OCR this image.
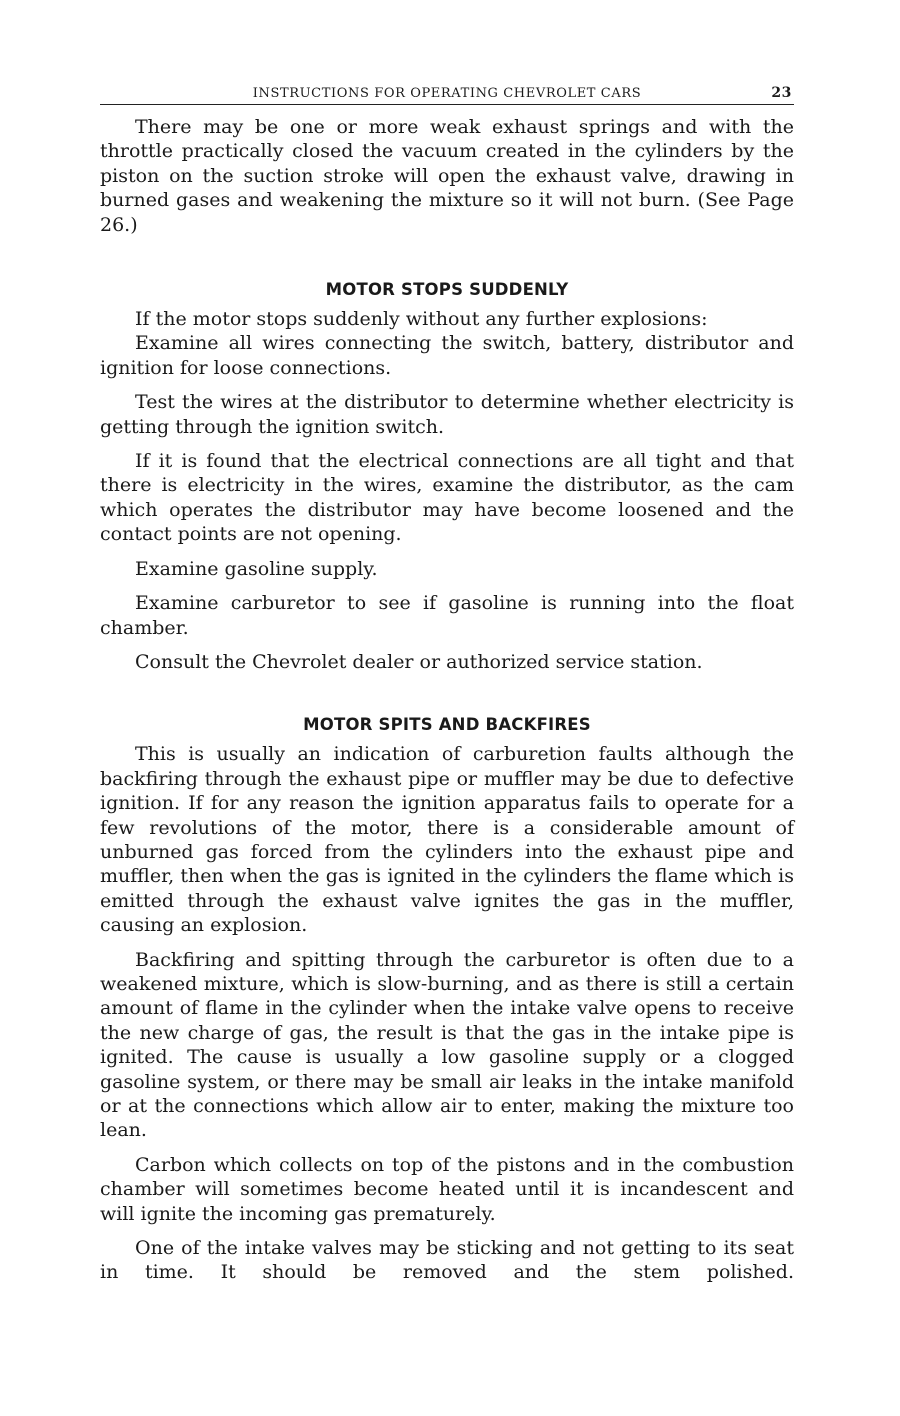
INSTRUCTIONS FOR OPERATING CHEVROLET CARS	23

There may be one or more weak exhaust springs and with the throttle practically closed the vacuum created in the cylinders by the piston on the suction stroke will open the exhaust valve, drawing in burned gases and weakening the mixture so it will not burn. (See Page 26.)

MOTOR STOPS SUDDENLY

If the motor stops suddenly without any further explosions:

Examine all wires connecting the switch, battery, distributor and ignition for loose connections.

Test the wires at the distributor to determine whether electricity is getting through the ignition switch.

If it is found that the electrical connections are all tight and that there is electricity in the wires, examine the distributor, as the cam which operates the distributor may have become loosened and the contact points are not opening.

Examine gasoline supply.

Examine carburetor to see if gasoline is running into the float chamber.

Consult the Chevrolet dealer or authorized service station.

MOTOR SPITS AND BACKFIRES

This is usually an indication of carburetion faults although the backfiring through the exhaust pipe or muffler may be due to defective ignition. If for any reason the ignition apparatus fails to operate for a few revolutions of the motor, there is a considerable amount of unburned gas forced from the cylinders into the exhaust pipe and muffler, then when the gas is ignited in the cylinders the flame which is emitted through the exhaust valve ignites the gas in the muffler, causing an explosion.

Backfiring and spitting through the carburetor is often due to a weakened mixture, which is slow-burning, and as there is still a certain amount of flame in the cylinder when the intake valve opens to receive the new charge of gas, the result is that the gas in the intake pipe is ignited. The cause is usually a low gasoline supply or a clogged gasoline system, or there may be small air leaks in the intake manifold or at the connections which allow air to enter, making the mixture too lean.

Carbon which collects on top of the pistons and in the combustion chamber will sometimes become heated until it is incandescent and will ignite the incoming gas prematurely.

One of the intake valves may be sticking and not getting to its seat in time. It should be removed and the stem polished.
